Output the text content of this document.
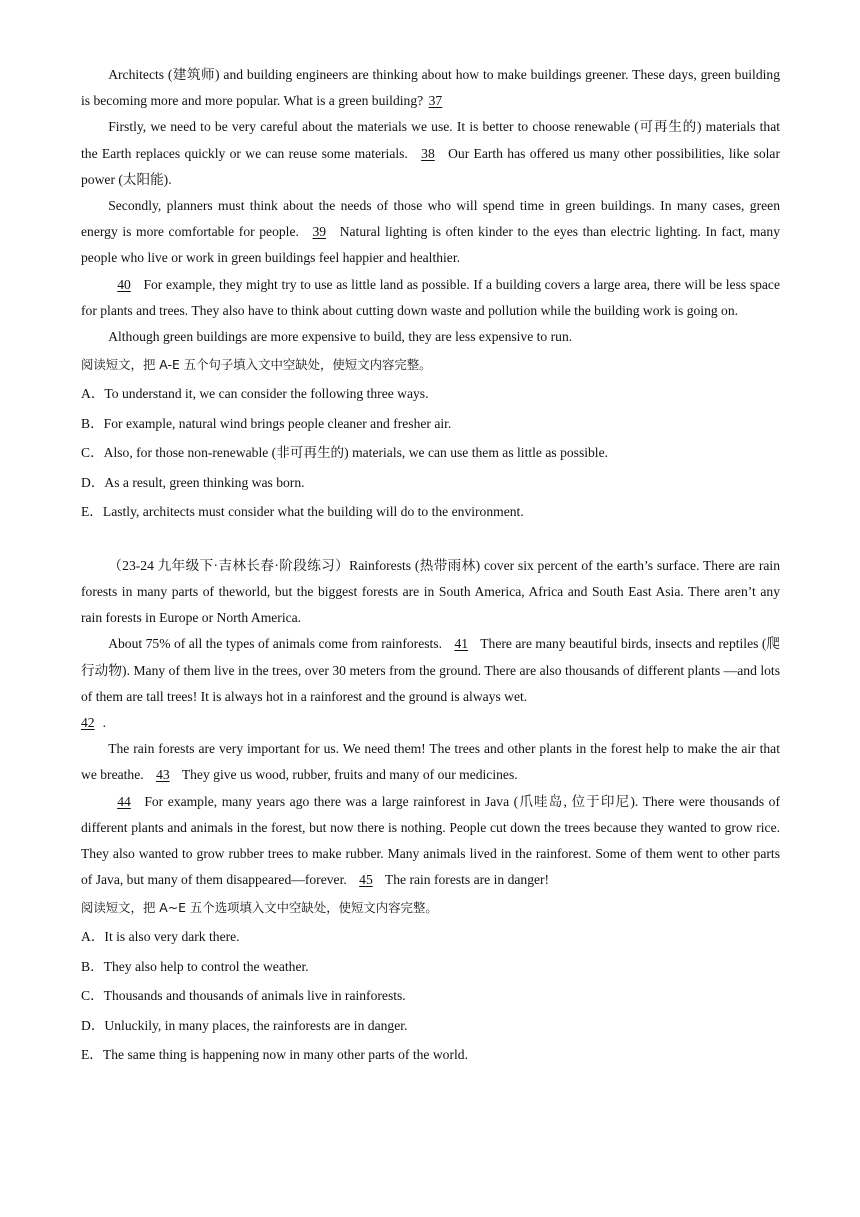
Architects (建筑师) and building engineers are thinking about how to make buildings greener. These days, green building is becoming more and more popular. What is a green building? 37

Firstly, we need to be very careful about the materials we use. It is better to choose renewable (可再生的) materials that the Earth replaces quickly or we can reuse some materials. 38 Our Earth has offered us many other possibilities, like solar power (太阳能).

Secondly, planners must think about the needs of those who will spend time in green buildings. In many cases, green energy is more comfortable for people. 39 Natural lighting is often kinder to the eyes than electric lighting. In fact, many people who live or work in green buildings feel happier and healthier.

40 For example, they might try to use as little land as possible. If a building covers a large area, there will be less space for plants and trees. They also have to think about cutting down waste and pollution while the building work is going on.

Although green buildings are more expensive to build, they are less expensive to run.

阅读短文，把 A-E 五个句子填入文中空缺处，使短文内容完整。

A．To understand it, we can consider the following three ways.

B．For example, natural wind brings people cleaner and fresher air.

C．Also, for those non-renewable (非可再生的) materials, we can use them as little as possible.

D．As a result, green thinking was born.

E．Lastly, architects must consider what the building will do to the environment.

（23-24 九年级下·吉林长春·阶段练习）Rainforests (热带雨林) cover six percent of the earth’s surface. There are rain forests in many parts of theworld, but the biggest forests are in South America, Africa and South East Asia. There aren’t any rain forests in Europe or North America.

About 75% of all the types of animals come from rainforests. 41 There are many beautiful birds, insects and reptiles (爬行动物). Many of them live in the trees, over 30 meters from the ground. There are also thousands of different plants —and lots of them are tall trees! It is always hot in a rainforest and the ground is always wet.

42 .

The rain forests are very important for us. We need them! The trees and other plants in the forest help to make the air that we breathe. 43 They give us wood, rubber, fruits and many of our medicines.

44 For example, many years ago there was a large rainforest in Java (爪哇岛, 位于印尼). There were thousands of different plants and animals in the forest, but now there is nothing. People cut down the trees because they wanted to grow rice. They also wanted to grow rubber trees to make rubber. Many animals lived in the rainforest. Some of them went to other parts of Java, but many of them disappeared—forever. 45 The rain forests are in danger!

阅读短文，把 A~E 五个选项填入文中空缺处，使短文内容完整。

A．It is also very dark there.

B．They also help to control the weather.

C．Thousands and thousands of animals live in rainforests.

D．Unluckily, in many places, the rainforests are in danger.

E．The same thing is happening now in many other parts of the world.
